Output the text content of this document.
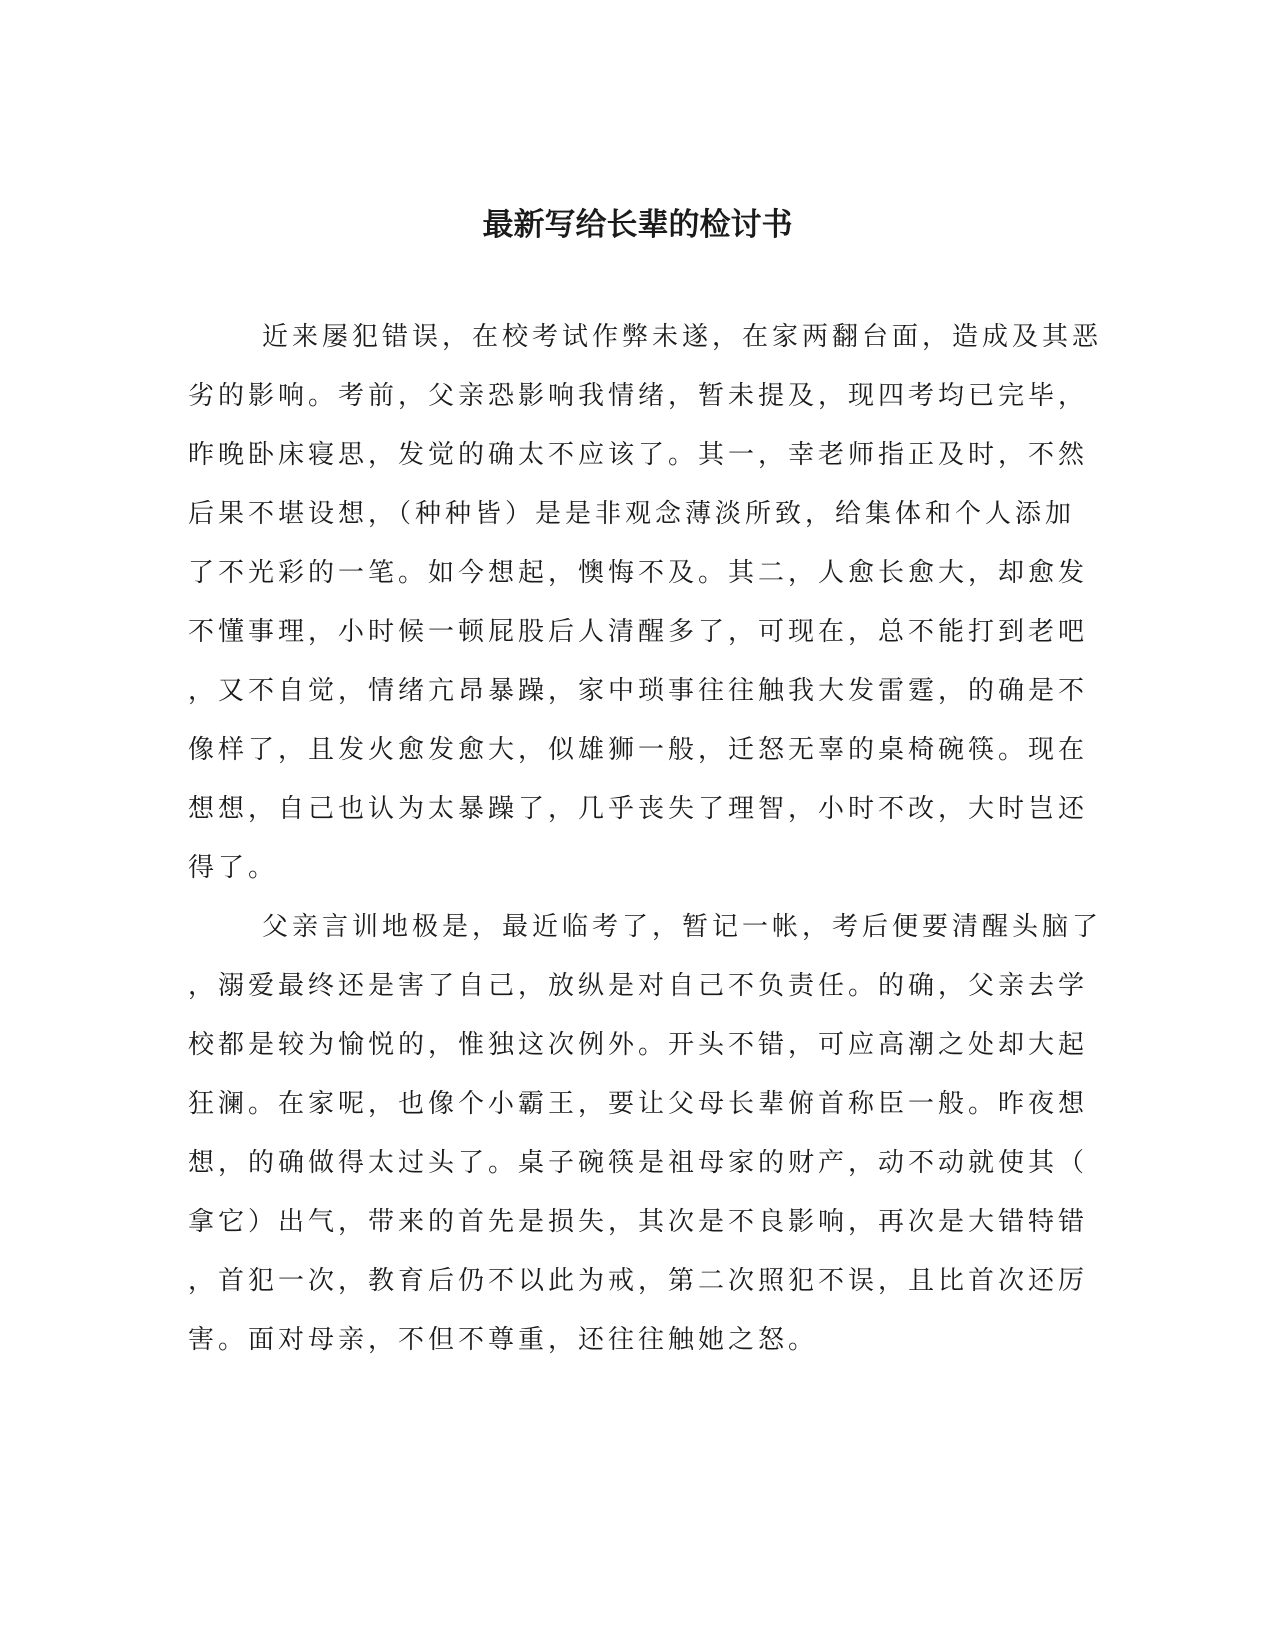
最新写给长辈的检讨书

近来屡犯错误，在校考试作弊未遂，在家两翻台面，造成及其恶

劣的影响。考前，父亲恐影响我情绪，暂未提及，现四考均已完毕，

昨晚卧床寝思，发觉的确太不应该了。其一，幸老师指正及时，不然

后果不堪设想，（种种皆）是是非观念薄淡所致，给集体和个人添加

了不光彩的一笔。如今想起，懊悔不及。其二，人愈长愈大，却愈发

不懂事理，小时候一顿屁股后人清醒多了，可现在，总不能打到老吧

，又不自觉，情绪亢昂暴躁，家中琐事往往触我大发雷霆，的确是不

像样了，且发火愈发愈大，似雄狮一般，迁怒无辜的桌椅碗筷。现在

想想，自己也认为太暴躁了，几乎丧失了理智，小时不改，大时岂还

得了。

父亲言训地极是，最近临考了，暂记一帐，考后便要清醒头脑了

，溺爱最终还是害了自己，放纵是对自己不负责任。的确，父亲去学

校都是较为愉悦的，惟独这次例外。开头不错，可应高潮之处却大起

狂澜。在家呢，也像个小霸王，要让父母长辈俯首称臣一般。昨夜想

想，的确做得太过头了。桌子碗筷是祖母家的财产，动不动就使其（

拿它）出气，带来的首先是损失，其次是不良影响，再次是大错特错

，首犯一次，教育后仍不以此为戒，第二次照犯不误，且比首次还厉

害。面对母亲，不但不尊重，还往往触她之怒。
